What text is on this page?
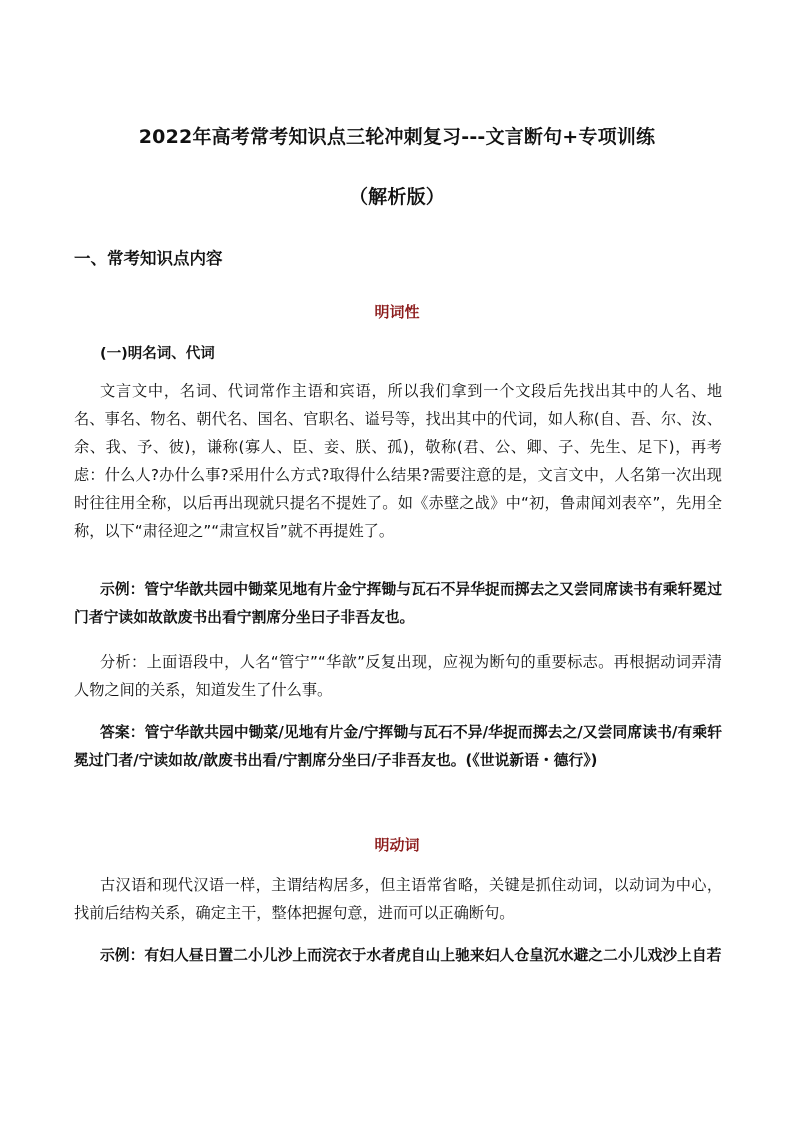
2022年高考常考知识点三轮冲刺复习---文言断句+专项训练
（解析版）
一、常考知识点内容
明词性
(一)明名词、代词

文言文中，名词、代词常作主语和宾语，所以我们拿到一个文段后先找出其中的人名、地名、事名、物名、朝代名、国名、官职名、谥号等，找出其中的代词，如人称(自、吾、尔、汝、余、我、予、彼)，谦称(寡人、臣、妾、朕、孤)，敬称(君、公、卿、子、先生、足下)，再考虑：什么人?办什么事?采用什么方式?取得什么结果?需要注意的是，文言文中，人名第一次出现时往往用全称，以后再出现就只提名不提姓了。如《赤壁之战》中“初，鲁肃闻刘表卒”，先用全称，以下“肃径迎之”“肃宣权旨”就不再提姓了。

示例：管宁华歆共园中锄菜见地有片金宁挥锄与瓦石不异华捉而掷去之又尝同席读书有乘轩冕过门者宁读如故歆废书出看宁割席分坐曰子非吾友也。

分析：上面语段中，人名“管宁”“华歆”反复出现，应视为断句的重要标志。再根据动词弄清人物之间的关系，知道发生了什么事。

答案：管宁华歆共园中锄菜/见地有片金/宁挥锄与瓦石不异/华捉而掷去之/又尝同席读书/有乘轩冕过门者/宁读如故/歆废书出看/宁割席分坐曰/子非吾友也。(《世说新语・德行》)

明动词

古汉语和现代汉语一样，主谓结构居多，但主语常省略，关键是抓住动词，以动词为中心，找前后结构关系，确定主干，整体把握句意，进而可以正确断句。

示例：有妇人昼日置二小儿沙上而浣衣于水者虎自山上驰来妇人仓皇沉水避之二小儿戏沙上自若
